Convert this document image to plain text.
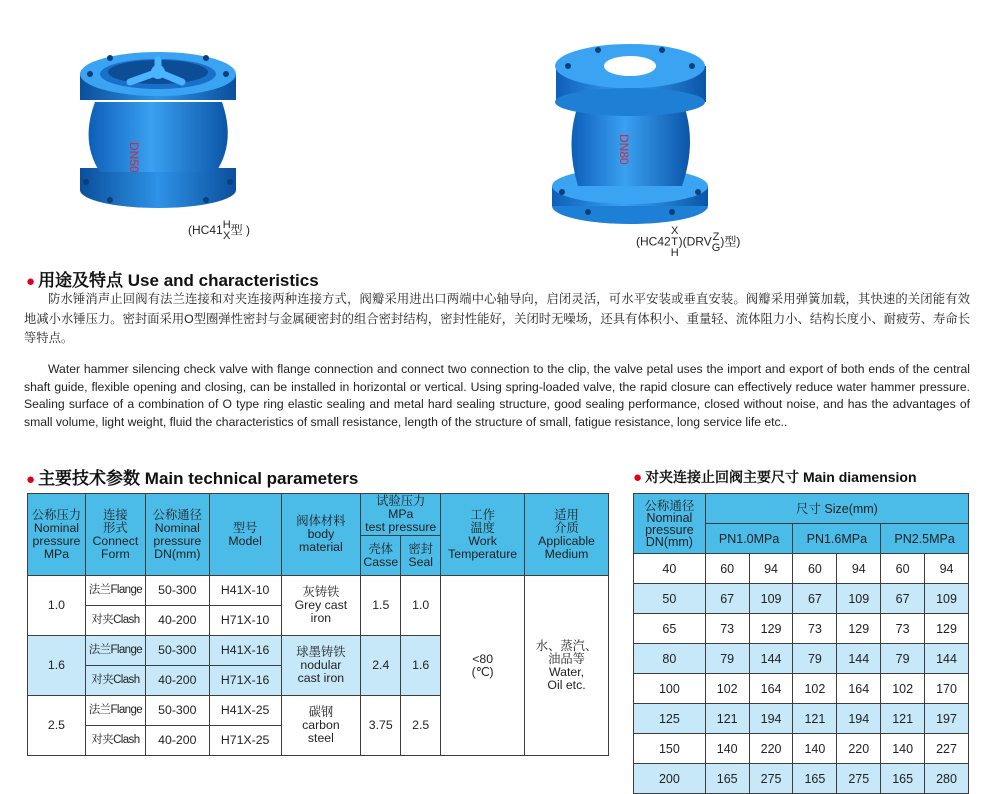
DN50
(HC41H
X型 )
DN80
(HC42X
T
H)(DRVZ
G)型)
● 用途及特点 Use and characteristics
防水锤消声止回阀有法兰连接和对夹连接两种连接方式，阀瓣采用进出口两端中心轴导向，启闭灵活，可水平安装或垂直安装。阀瓣采用弹簧加载，其快速的关闭能有效地减小水锤压力。密封面采用O型圈弹性密封与金属硬密封的组合密封结构，密封性能好，关闭时无噪场，还具有体积小、重量轻、流体阻力小、结构长度小、耐疲劳、寿命长等特点。
Water hammer silencing check valve with flange connection and connect two connection to the clip, the valve petal uses the import and export of both ends of the central shaft guide, flexible opening and closing, can be installed in horizontal or vertical. Using spring-loaded valve, the rapid closure can effectively reduce water hammer pressure. Sealing surface of a combination of O type ring elastic sealing and metal hard sealing structure, good sealing performance, closed without noise, and has the advantages of small volume, light weight, fluid the characteristics of small resistance, length of the structure of small, fatigue resistance, long service life etc..
● 主要技术参数 Main technical parameters
公称压力
Nominal
pressure
MPa	连接
形式
Connect
Form	公称通径
Nominal
pressure
DN(mm)	型号
Model	阀体材料
body
material	试验压力 MPa
test pressure		工作
温度
Work
Temperature	适用
介质
Applicable
Medium
					壳体
Casse	密封
Seal		
1.0	法兰Flange	50-300	H41X-10	灰铸铁
Grey cast
iron	1.5	1.0	<80
(℃)	水、蒸汽、
油品等
Water,
Oil etc.
	对夹Clash	40-200	H71X-10					
1.6	法兰Flange	50-300	H41X-16	球墨铸铁
nodular
cast iron	2.4	1.6		
	对夹Clash	40-200	H71X-16					
2.5	法兰Flange	50-300	H41X-25	碳钢
carbon
steel	3.75	2.5		
	对夹Clash	40-200	H71X-25					
● 对夹连接止回阀主要尺寸 Main diamension
公称通径
Nominal
pressure
DN(mm)	尺寸 Size(mm)					
	PN1.0MPa		PN1.6MPa		PN2.5MPa	
40	60	94	60	94	60	94
50	67	109	67	109	67	109
65	73	129	73	129	73	129
80	79	144	79	144	79	144
100	102	164	102	164	102	170
125	121	194	121	194	121	197
150	140	220	140	220	140	227
200	165	275	165	275	165	280
